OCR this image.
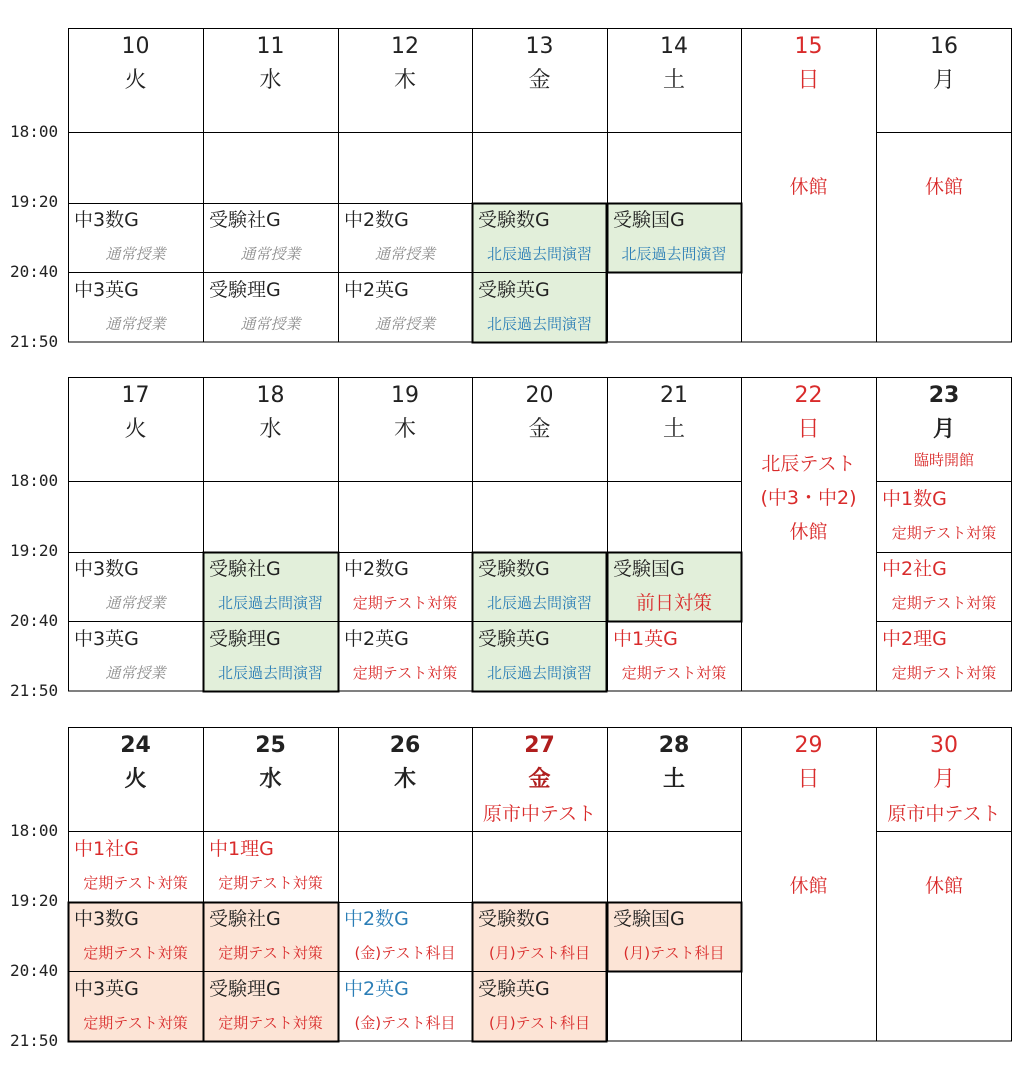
18:00
19:20
20:40
21:50
10
火
中3数G
通常授業
中3英G
通常授業
11
水
受験社G
通常授業
受験理G
通常授業
12
木
中2数G
通常授業
中2英G
通常授業
13
金
受験数G
北辰過去問演習
受験英G
北辰過去問演習
14
土
受験国G
北辰過去問演習
15
日
休館
16
月
休館
18:00
19:20
20:40
21:50
17
火
中3数G
通常授業
中3英G
通常授業
18
水
受験社G
北辰過去問演習
受験理G
北辰過去問演習
19
木
中2数G
定期テスト対策
中2英G
定期テスト対策
20
金
受験数G
北辰過去問演習
受験英G
北辰過去問演習
21
土
受験国G
前日対策
中1英G
定期テスト対策
22
日
北辰テスト
(中3・中2)
休館
23
月
臨時開館
中1数G
定期テスト対策
中2社G
定期テスト対策
中2理G
定期テスト対策
18:00
19:20
20:40
21:50
24
火
中1社G
定期テスト対策
中3数G
定期テスト対策
中3英G
定期テスト対策
25
水
中1理G
定期テスト対策
受験社G
定期テスト対策
受験理G
定期テスト対策
26
木
中2数G
(金)テスト科目
中2英G
(金)テスト科目
27
金
原市中テスト
受験数G
(月)テスト科目
受験英G
(月)テスト科目
28
土
受験国G
(月)テスト科目
29
日
休館
30
月
原市中テスト
休館
